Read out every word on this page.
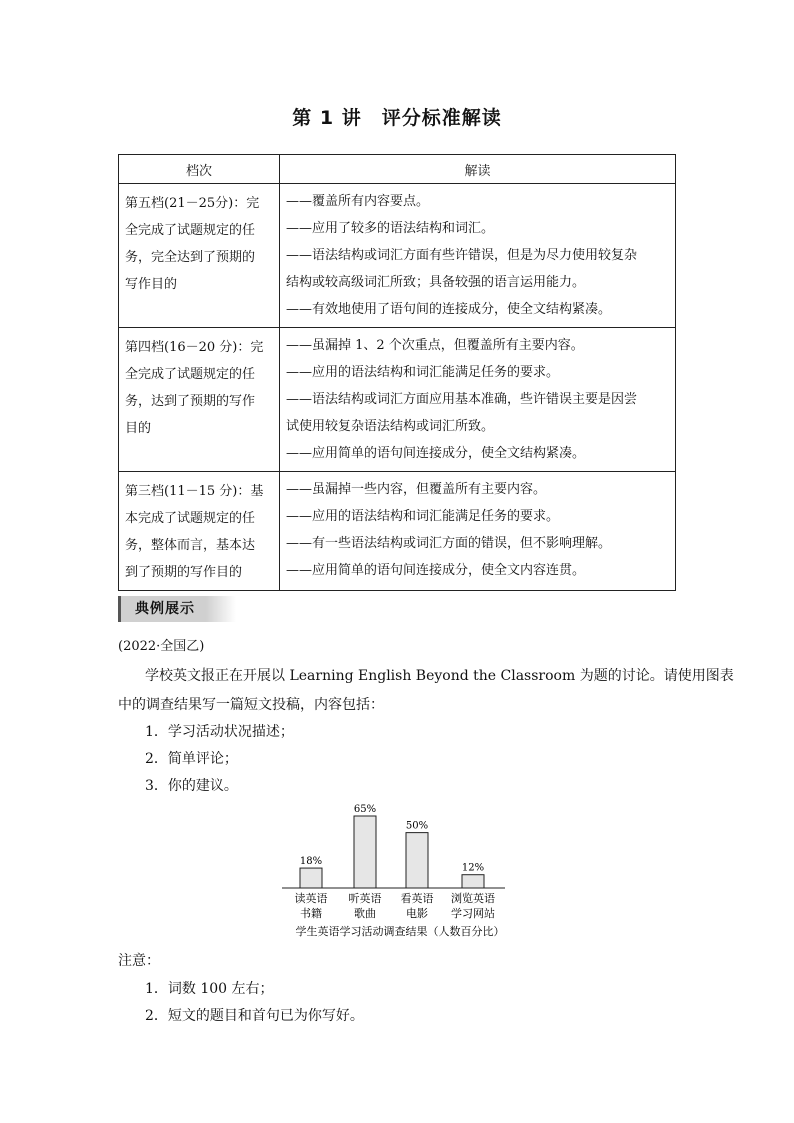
第 1 讲　评分标准解读
档次	解读

第五档(21－25分)：完
全完成了试题规定的任
务，完全达到了预期的
写作目的	——覆盖所有内容要点。
——应用了较多的语法结构和词汇。
——语法结构或词汇方面有些许错误，但是为尽力使用较复杂
结构或较高级词汇所致；具备较强的语言运用能力。
——有效地使用了语句间的连接成分，使全文结构紧凑。

第四档(16－20 分)：完
全完成了试题规定的任
务，达到了预期的写作
目的	——虽漏掉 1、2 个次重点，但覆盖所有主要内容。
——应用的语法结构和词汇能满足任务的要求。
——语法结构或词汇方面应用基本准确，些许错误主要是因尝
试使用较复杂语法结构或词汇所致。
——应用简单的语句间连接成分，使全文结构紧凑。

第三档(11－15 分)：基
本完成了试题规定的任
务，整体而言，基本达
到了预期的写作目的	——虽漏掉一些内容，但覆盖所有主要内容。
——应用的语法结构和词汇能满足任务的要求。
——有一些语法结构或词汇方面的错误，但不影响理解。
——应用简单的语句间连接成分，使全文内容连贯。
典例展示
(2022·全国乙)
学校英文报正在开展以 Learning English Beyond the Classroom 为题的讨论。请使用图表
中的调查结果写一篇短文投稿，内容包括：
1．学习活动状况描述；
2．简单评论；
3．你的建议。
18%
读英语
书籍
65%
听英语
歌曲
50%
看英语
电影
12%
浏览英语
学习网站
学生英语学习活动调查结果（人数百分比）
注意：
1．词数 100 左右；
2．短文的题目和首句已为你写好。
